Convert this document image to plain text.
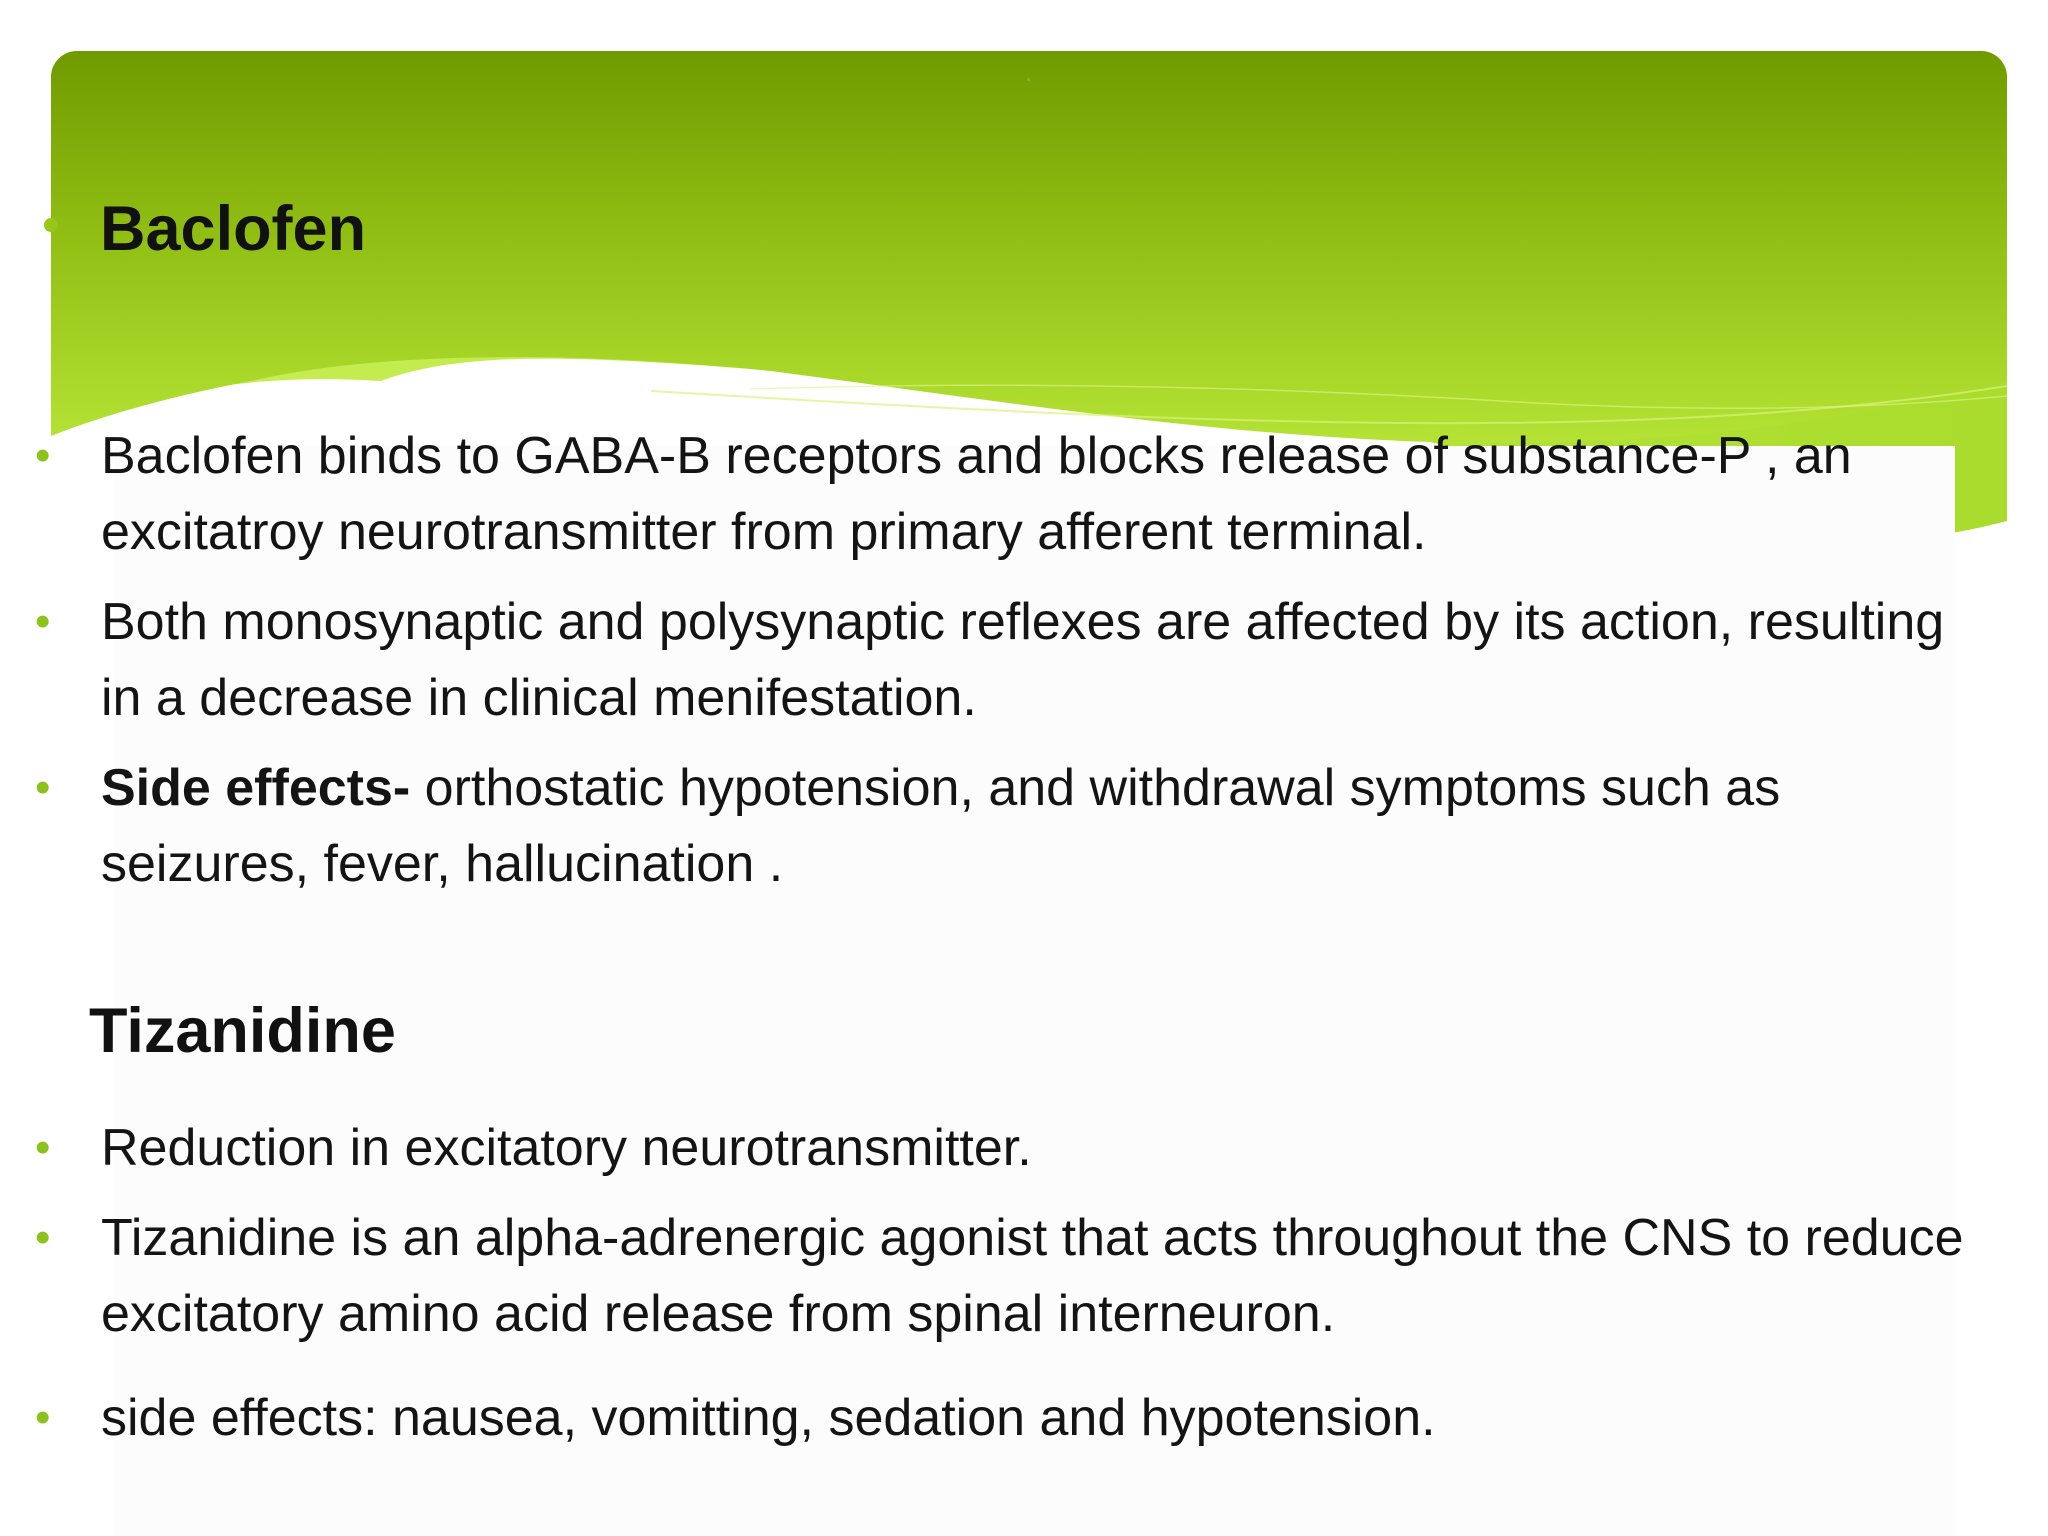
Baclofen
• Baclofen binds to GABA-B receptors and blocks release of substance-P , an excitatroy neurotransmitter from primary afferent terminal.
• Both monosynaptic and polysynaptic reflexes are affected by its action, resulting in a decrease in clinical menifestation.
• Side effects- orthostatic hypotension, and withdrawal symptoms such as seizures, fever, hallucination .
Tizanidine
• Reduction in excitatory neurotransmitter.
• Tizanidine is an alpha-adrenergic agonist that acts throughout the CNS to reduce excitatory amino acid release from spinal interneuron.
• side effects: nausea, vomitting, sedation and hypotension.
